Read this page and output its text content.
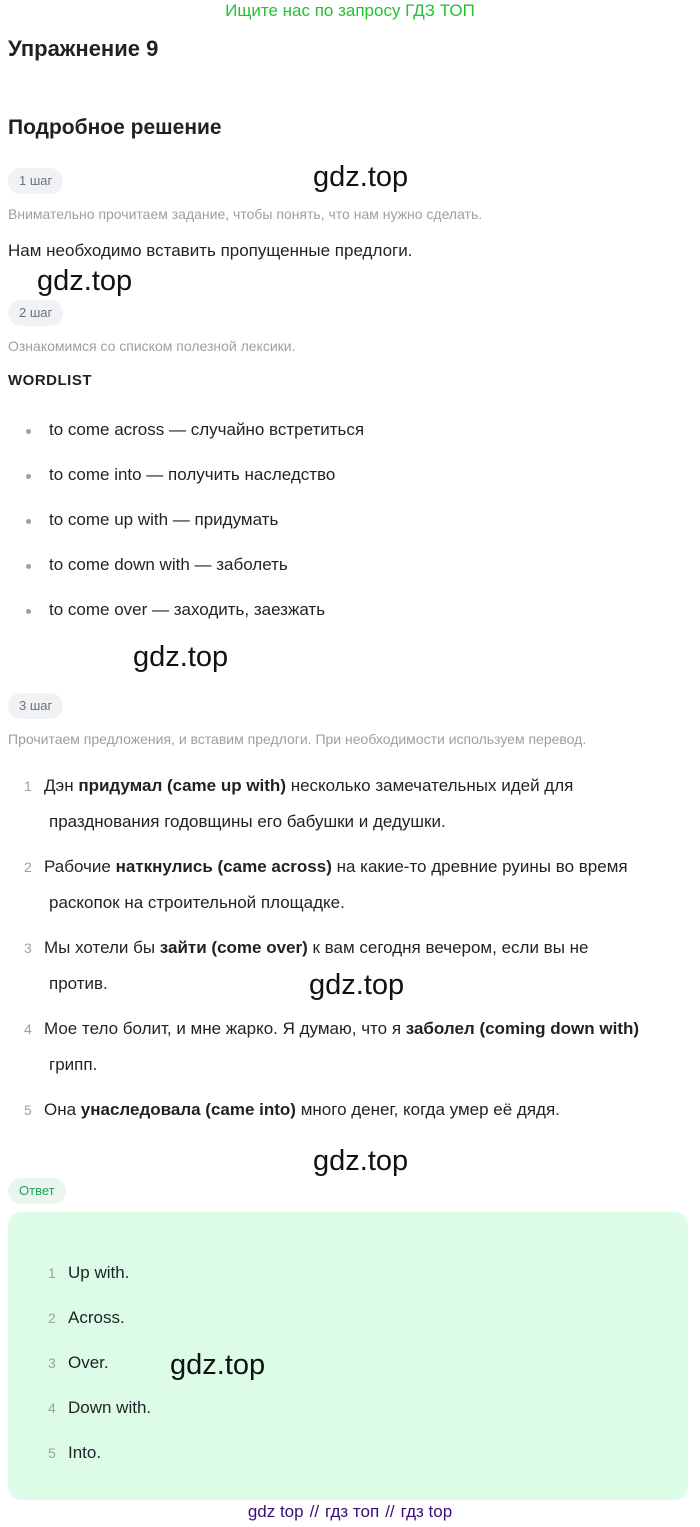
Ищите нас по запросу ГДЗ ТОП
Упражнение 9
Подробное решение
1 шаг	gdz.top
Внимательно прочитаем задание, чтобы понять, что нам нужно сделать.
Нам необходимо вставить пропущенные предлоги.
gdz.top
2 шаг
Ознакомимся со списком полезной лексики.
WORDLIST
to come across — случайно встретиться
to come into — получить наследство
to come up with — придумать
to come down with — заболеть
to come over — заходить, заезжать
gdz.top
3 шаг
Прочитаем предложения, и вставим предлоги. При необходимости используем перевод.
1 Дэн придумал (came up with) несколько замечательных идей для
празднования годовщины его бабушки и дедушки.
2 Рабочие наткнулись (came across) на какие-то древние руины во время
раскопок на строительной площадке.
3 Мы хотели бы зайти (come over) к вам сегодня вечером, если вы не
против.	gdz.top
4 Мое тело болит, и мне жарко. Я думаю, что я заболел (coming down with)
грипп.
5 Она унаследовала (came into) много денег, когда умер её дядя.
gdz.top
Ответ
1 Up with.
2 Across.
3 Over. gdz.top
4 Down with.
5 Into.
gdz top // гдз топ // гдз top
